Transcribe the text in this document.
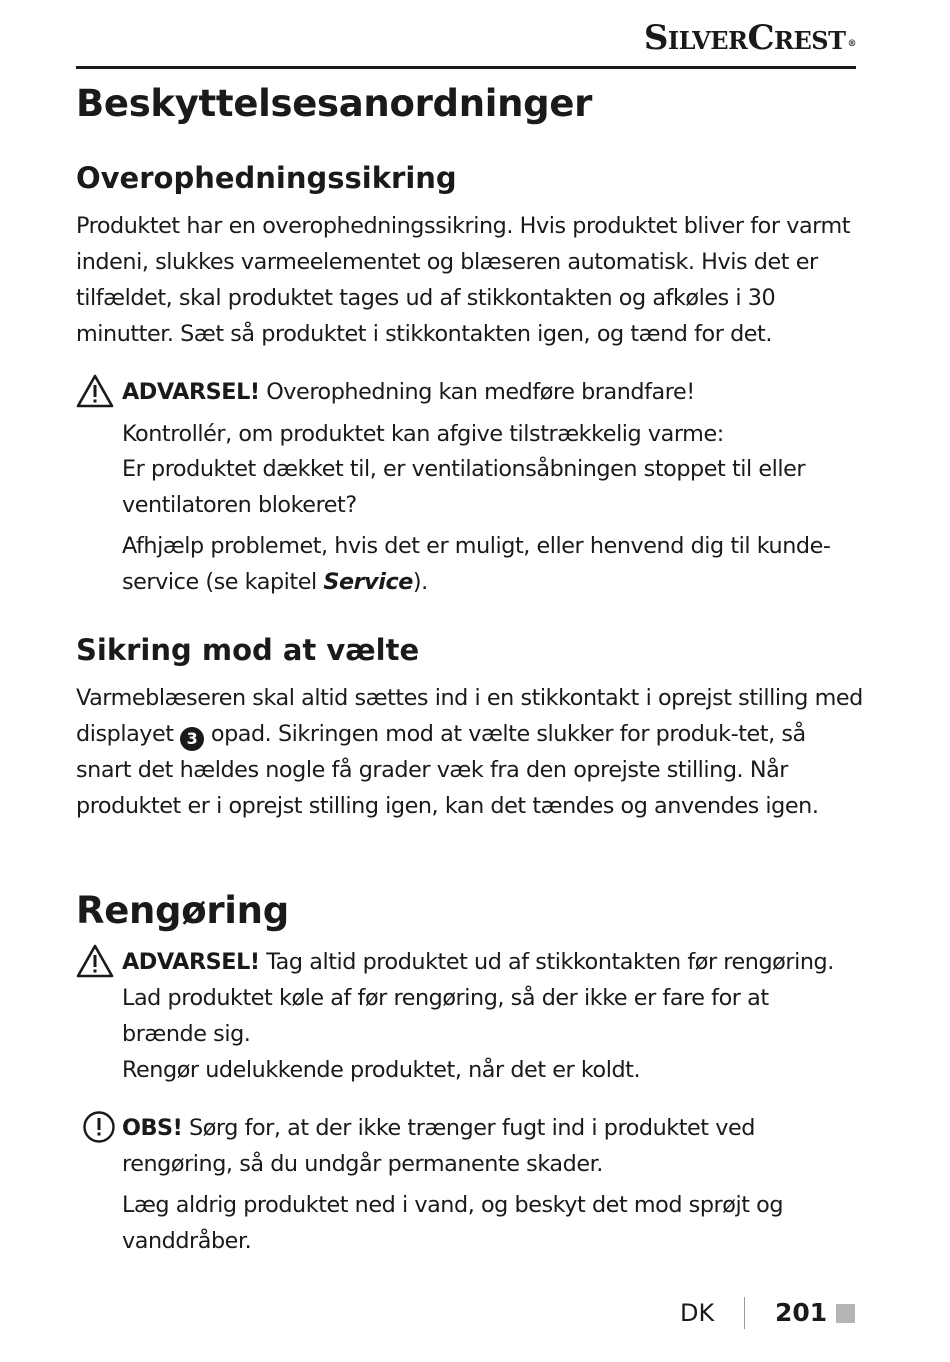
SilverCrest ®
Beskyttelsesanordninger
Overophedningssikring

Produktet har en overophedningssikring. Hvis produktet bliver for varmt indeni, slukkes varmeelementet og blæseren automatisk. Hvis det er tilfældet, skal produktet tages ud af stikkontakten og afkøles i 30 minutter. Sæt så produktet i stikkontakten igen, og tænd for det.

ADVARSEL! Overophedning kan medføre brandfare!

Kontrollér, om produktet kan afgive tilstrækkelig varme:

Er produktet dækket til, er ventilationsåbningen stoppet til eller ventilatoren blokeret?

Afhjælp problemet, hvis det er muligt, eller henvend dig til kunde-service (se kapitel Service).

Sikring mod at vælte

Varmeblæseren skal altid sættes ind i en stikkontakt i oprejst stilling med displayet 3 opad. Sikringen mod at vælte slukker for produk-tet, så snart det hældes nogle få grader væk fra den oprejste stilling. Når produktet er i oprejst stilling igen, kan det tændes og anvendes igen.

Rengøring

ADVARSEL! Tag altid produktet ud af stikkontakten før rengøring.

Lad produktet køle af før rengøring, så der ikke er fare for at brænde sig.

Rengør udelukkende produktet, når det er koldt.

OBS! Sørg for, at der ikke trænger fugt ind i produktet ved rengøring, så du undgår permanente skader.

Læg aldrig produktet ned i vand, og beskyt det mod sprøjt og vanddråber.

DK 201
